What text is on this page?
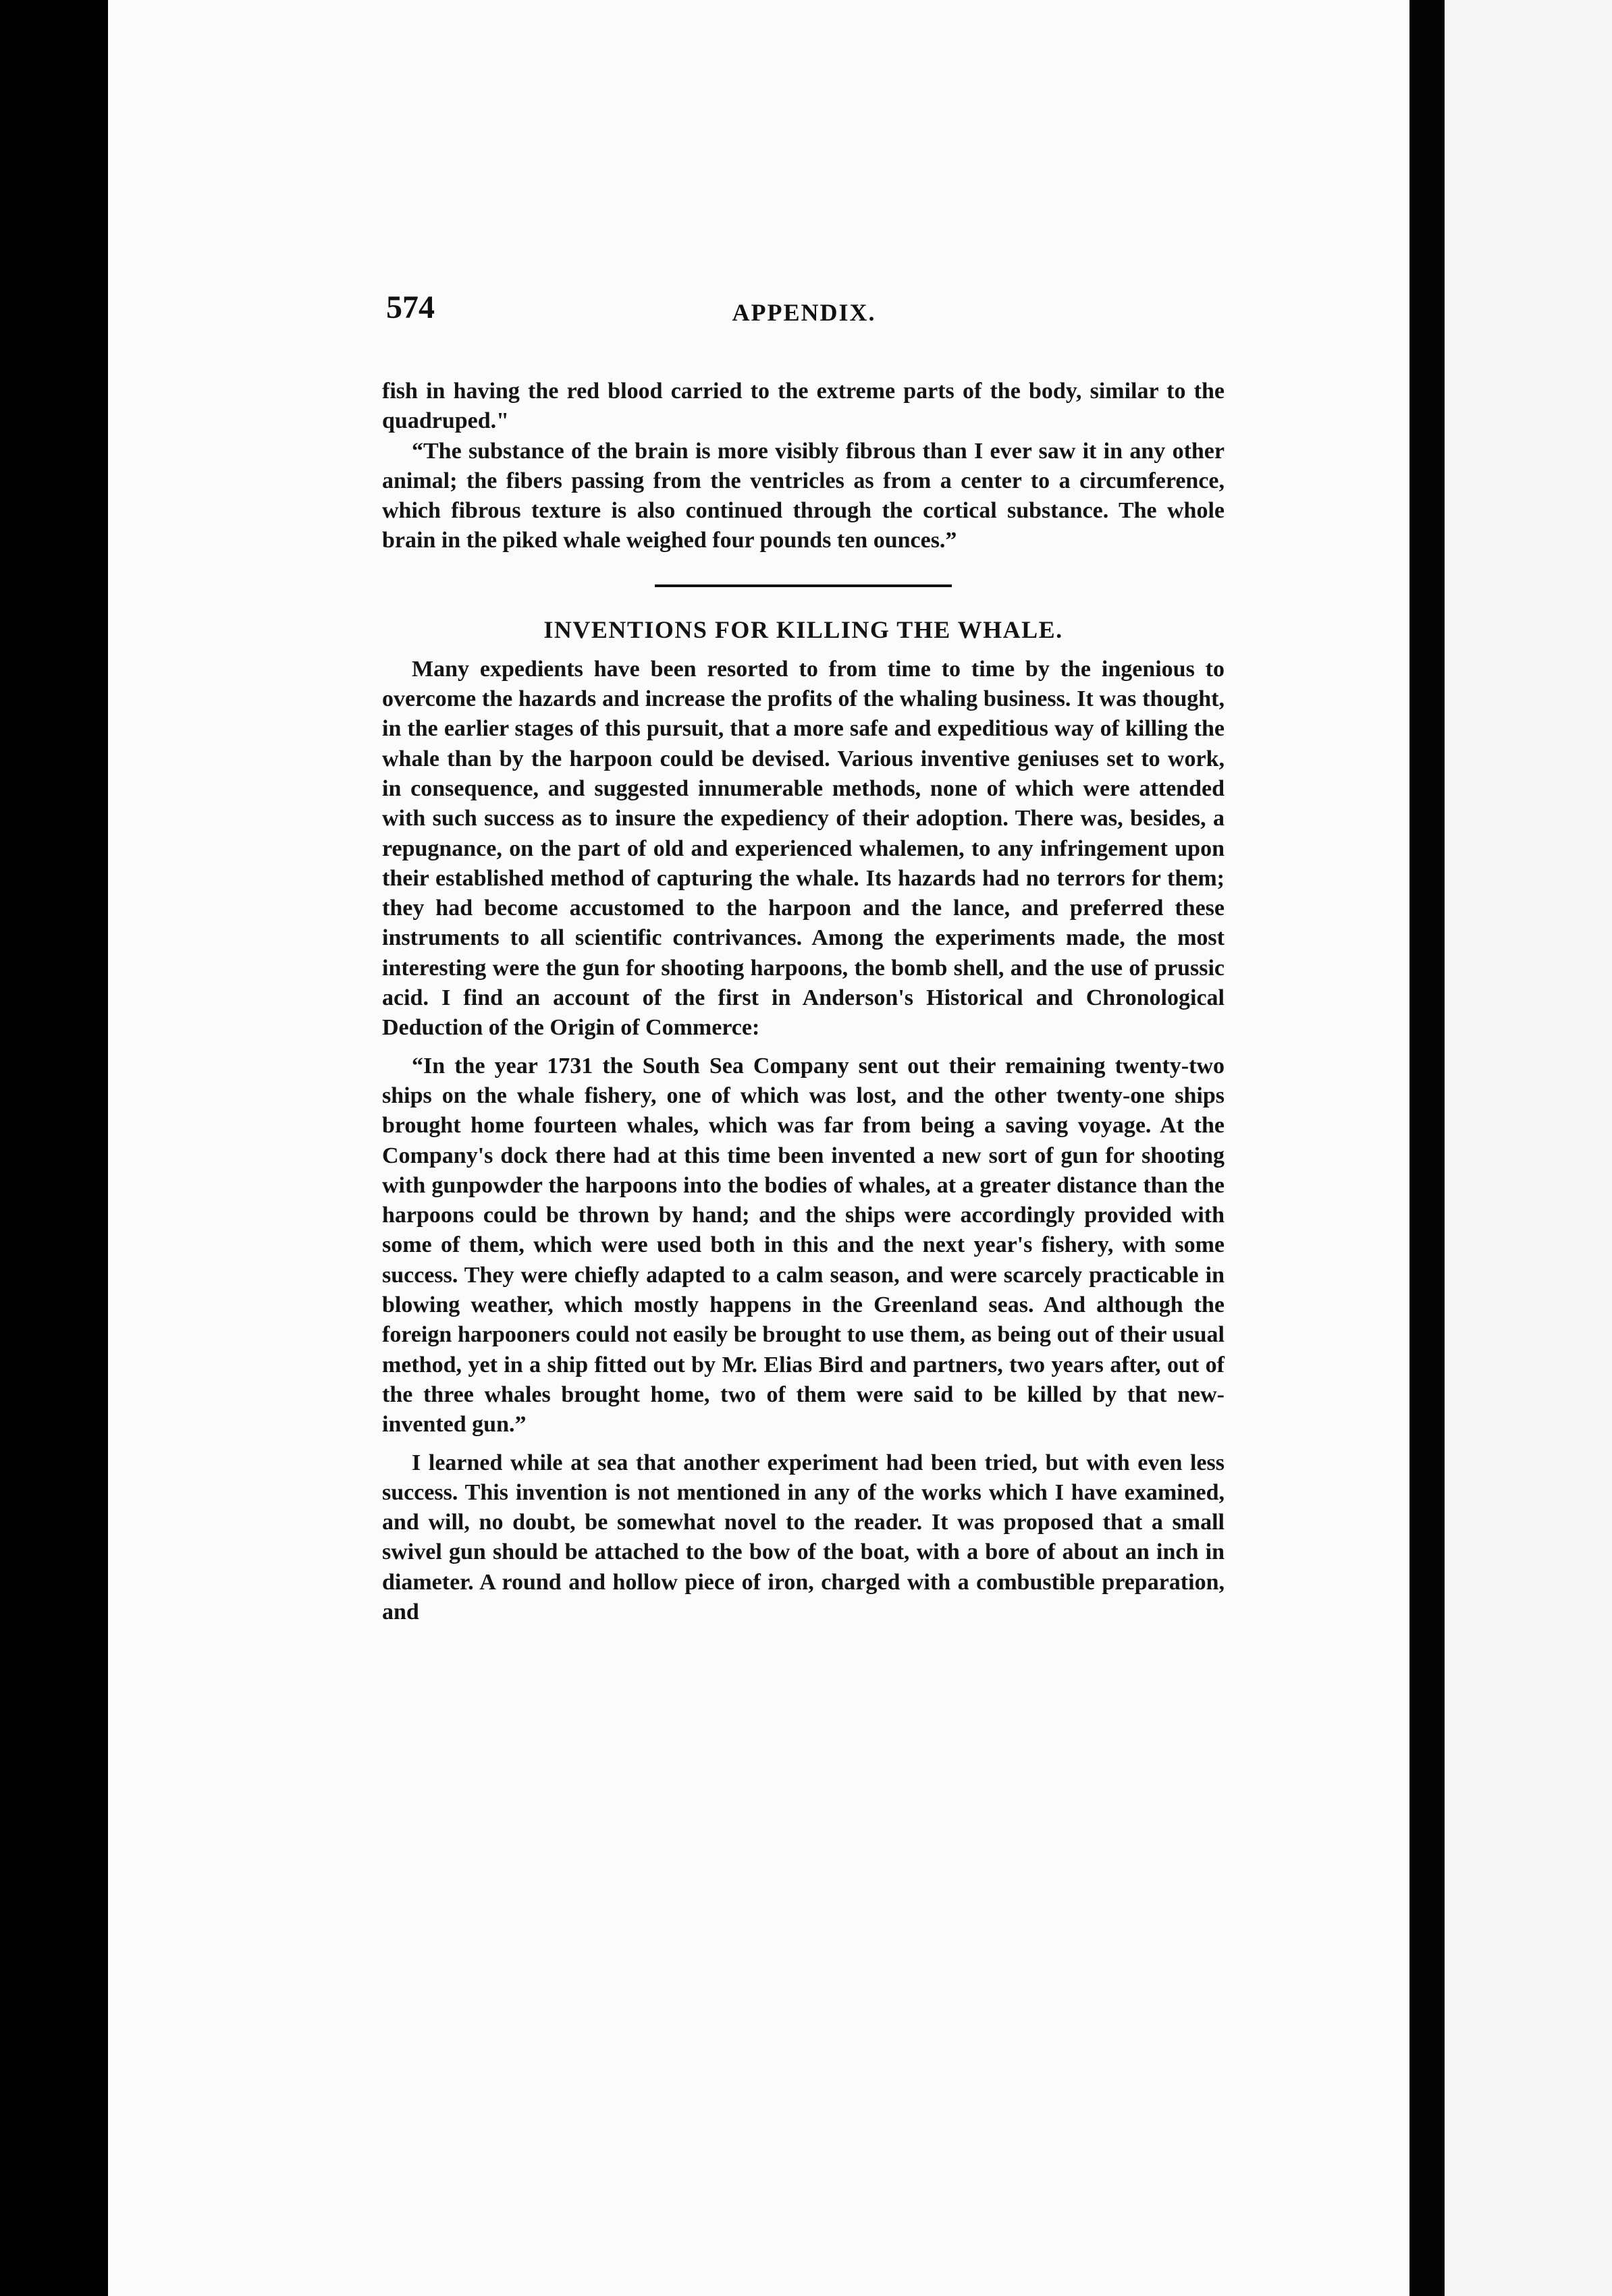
574	APPENDIX.

fish in having the red blood carried to the extreme parts of the body, similar to the quadruped."

“The substance of the brain is more visibly fibrous than I ever saw it in any other animal; the fibers passing from the ventricles as from a center to a circumference, which fibrous texture is also continued through the cortical substance. The whole brain in the piked whale weighed four pounds ten ounces.”

INVENTIONS FOR KILLING THE WHALE.

Many expedients have been resorted to from time to time by the ingenious to overcome the hazards and increase the profits of the whaling business. It was thought, in the earlier stages of this pursuit, that a more safe and expeditious way of killing the whale than by the harpoon could be devised. Various inventive geniuses set to work, in consequence, and suggested innumerable methods, none of which were attended with such success as to insure the expediency of their adoption. There was, besides, a repugnance, on the part of old and experienced whalemen, to any infringement upon their established method of capturing the whale. Its hazards had no terrors for them; they had become accustomed to the harpoon and the lance, and preferred these instruments to all scientific contrivances. Among the experiments made, the most interesting were the gun for shooting harpoons, the bomb shell, and the use of prussic acid. I find an account of the first in Anderson's Historical and Chronological Deduction of the Origin of Commerce:

“In the year 1731 the South Sea Company sent out their remaining twenty-two ships on the whale fishery, one of which was lost, and the other twenty-one ships brought home fourteen whales, which was far from being a saving voyage. At the Company's dock there had at this time been invented a new sort of gun for shooting with gunpowder the harpoons into the bodies of whales, at a greater distance than the harpoons could be thrown by hand; and the ships were accordingly provided with some of them, which were used both in this and the next year's fishery, with some success. They were chiefly adapted to a calm season, and were scarcely practicable in blowing weather, which mostly happens in the Greenland seas. And although the foreign harpooners could not easily be brought to use them, as being out of their usual method, yet in a ship fitted out by Mr. Elias Bird and partners, two years after, out of the three whales brought home, two of them were said to be killed by that new-invented gun.”

I learned while at sea that another experiment had been tried, but with even less success. This invention is not mentioned in any of the works which I have examined, and will, no doubt, be somewhat novel to the reader. It was proposed that a small swivel gun should be attached to the bow of the boat, with a bore of about an inch in diameter. A round and hollow piece of iron, charged with a combustible preparation, and
